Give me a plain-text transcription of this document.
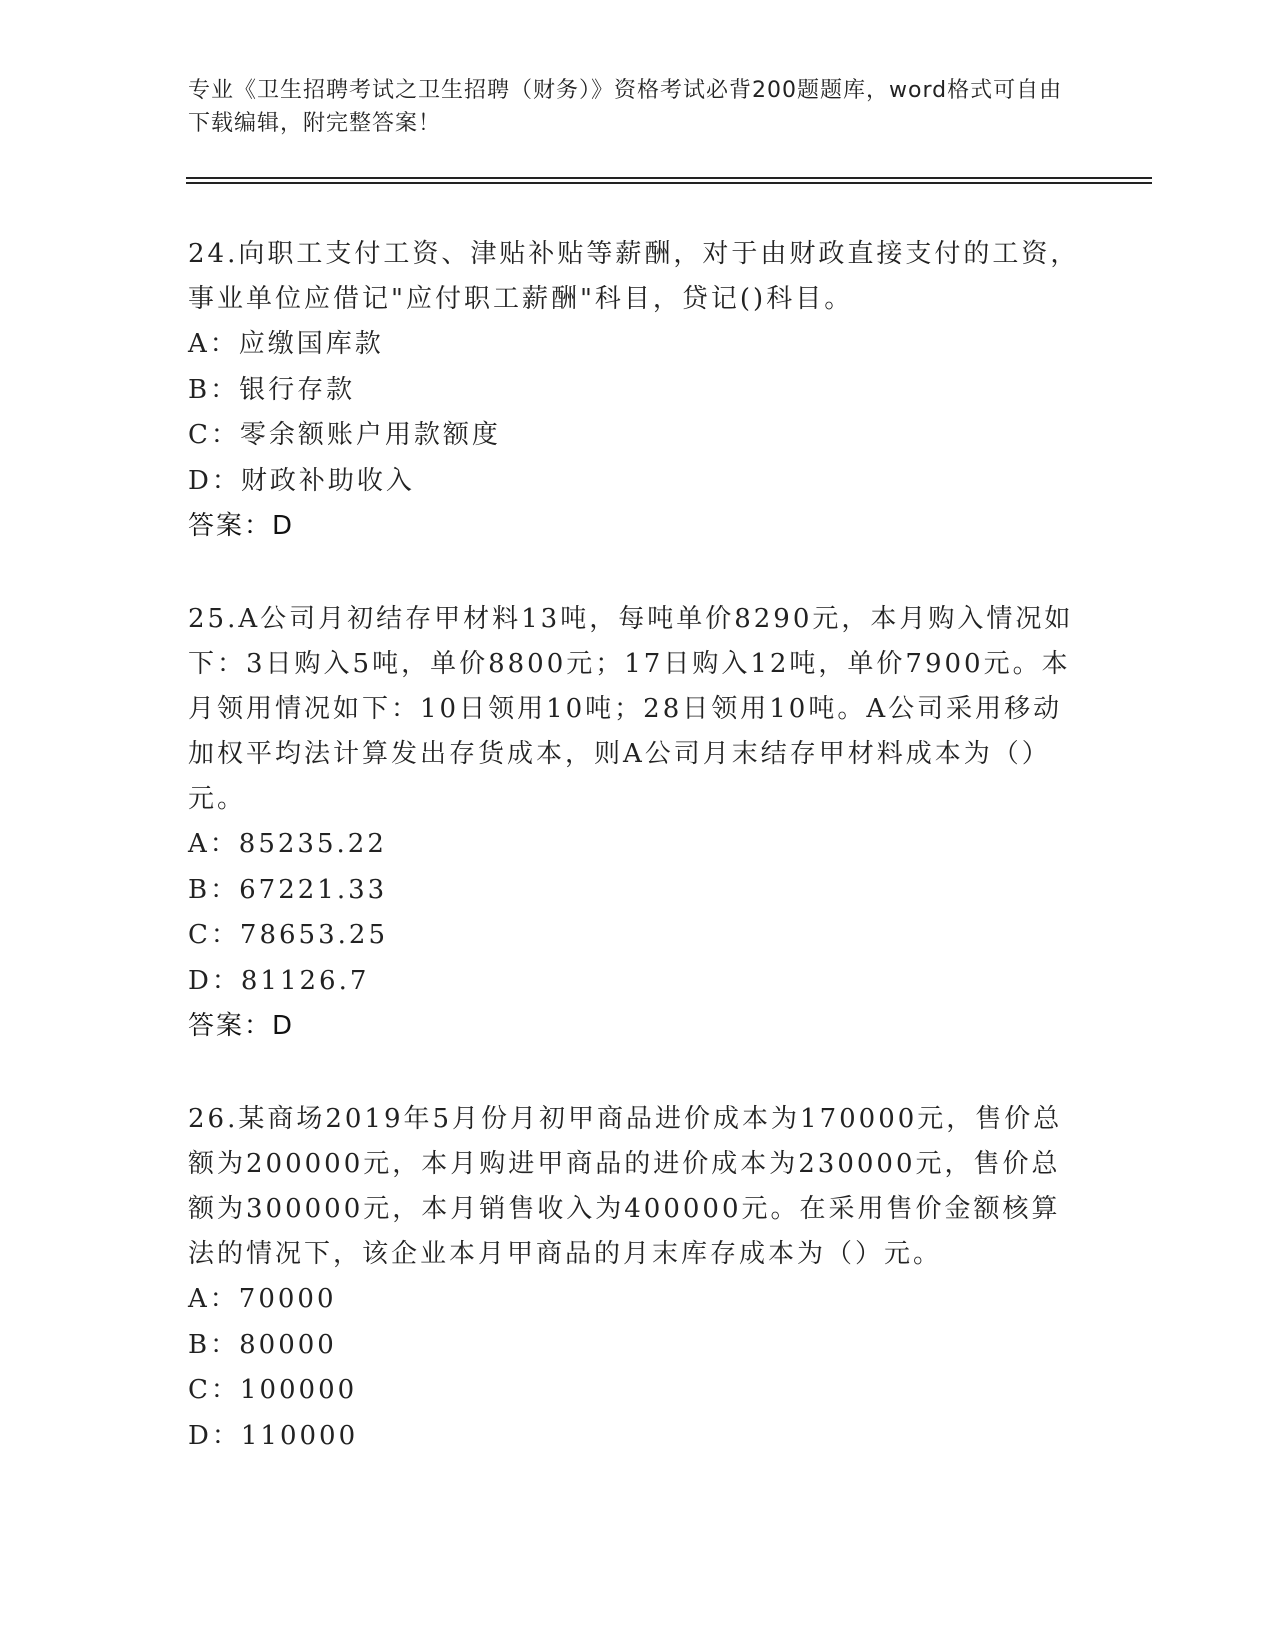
专业《卫生招聘考试之卫生招聘（财务）》资格考试必背200题题库，word格式可自由下载编辑，附完整答案！

24.向职工支付工资、津贴补贴等薪酬，对于由财政直接支付的工资，事业单位应借记"应付职工薪酬"科目，贷记()科目。

A：应缴国库款

B：银行存款

C：零余额账户用款额度

D：财政补助收入

答案：D

25.A公司月初结存甲材料13吨，每吨单价8290元，本月购入情况如下：3日购入5吨，单价8800元；17日购入12吨，单价7900元。本月领用情况如下：10日领用10吨；28日领用10吨。A公司采用移动加权平均法计算发出存货成本，则A公司月末结存甲材料成本为（）元。

A：85235.22

B：67221.33

C：78653.25

D：81126.7

答案：D

26.某商场2019年5月份月初甲商品进价成本为170000元，售价总额为200000元，本月购进甲商品的进价成本为230000元，售价总额为300000元，本月销售收入为400000元。在采用售价金额核算法的情况下，该企业本月甲商品的月末库存成本为（）元。

A：70000

B：80000

C：100000

D：110000
